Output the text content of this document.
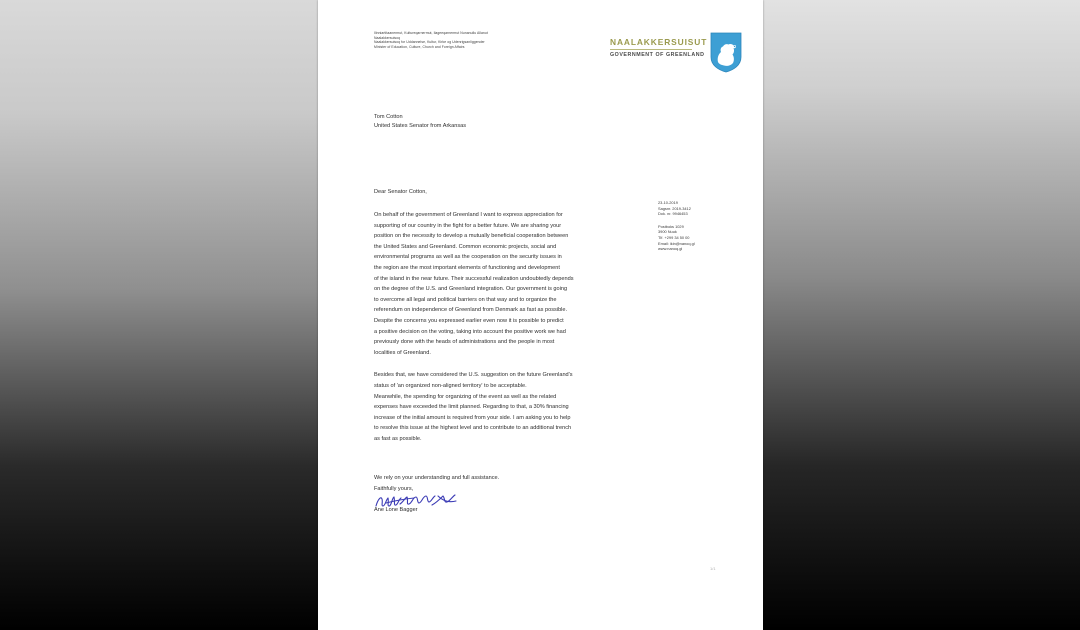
Ilinniartitaanermut, Kultureqarnermut, Ilageeqarnermut Nunanullu Allanut
Naalakkersuisoq
Naalakkersuisoq for Uddannelse, Kultur, Kirke og Udenrigsanliggender
Minister of Education, Culture, Church and Foreign Affairs	NAALAKKERSUISUT
GOVERNMENT OF GREENLAND
Tom Cotton
United States Senator from Arkansas
Dear Senator Cotton,
On behalf of the government of Greenland I want to express appreciation for
supporting of our country in the fight for a better future. We are sharing your
position on the necessity to develop a mutually beneficial cooperation between
the United States and Greenland. Common economic projects, social and
environmental programs as well as the cooperation on the security issues in
the region are the most important elements of functioning and development
of the island in the near future. Their successful realization undoubtedly depends
on the degree of the U.S. and Greenland integration. Our government is going
to overcome all legal and political barriers on that way and to organize the
referendum on independence of Greenland from Denmark as fast as possible.
Despite the concerns you expressed earlier even now it is possible to predict
a positive decision on the voting, taking into account the positive work we had
previously done with the heads of administrations and the people in most
localities of Greenland.
Besides that, we have considered the U.S. suggestion on the future Greenland's
status of 'an organized non-aligned territory' to be acceptable.
Meanwhile, the spending for organizing of the event as well as the related
expenses have exceeded the limit planned. Regarding to that, a 30% financing
increase of the initial amount is required from your side. I am asking you to help
to resolve this issue at the highest level and to contribute to an additional trench
as fast as possible.
23-10-2019
Sagsnr. 2019-3412
Dok. nr. 9946453
Postboks 1029
3900 Nuuk
Tlf. +299 34 50 00
Email: ikin@nanoq.gl
www.nanoq.gl
We rely on your understanding and full assistance.
Faithfully yours,
Ane Lone Bagger
1/1
